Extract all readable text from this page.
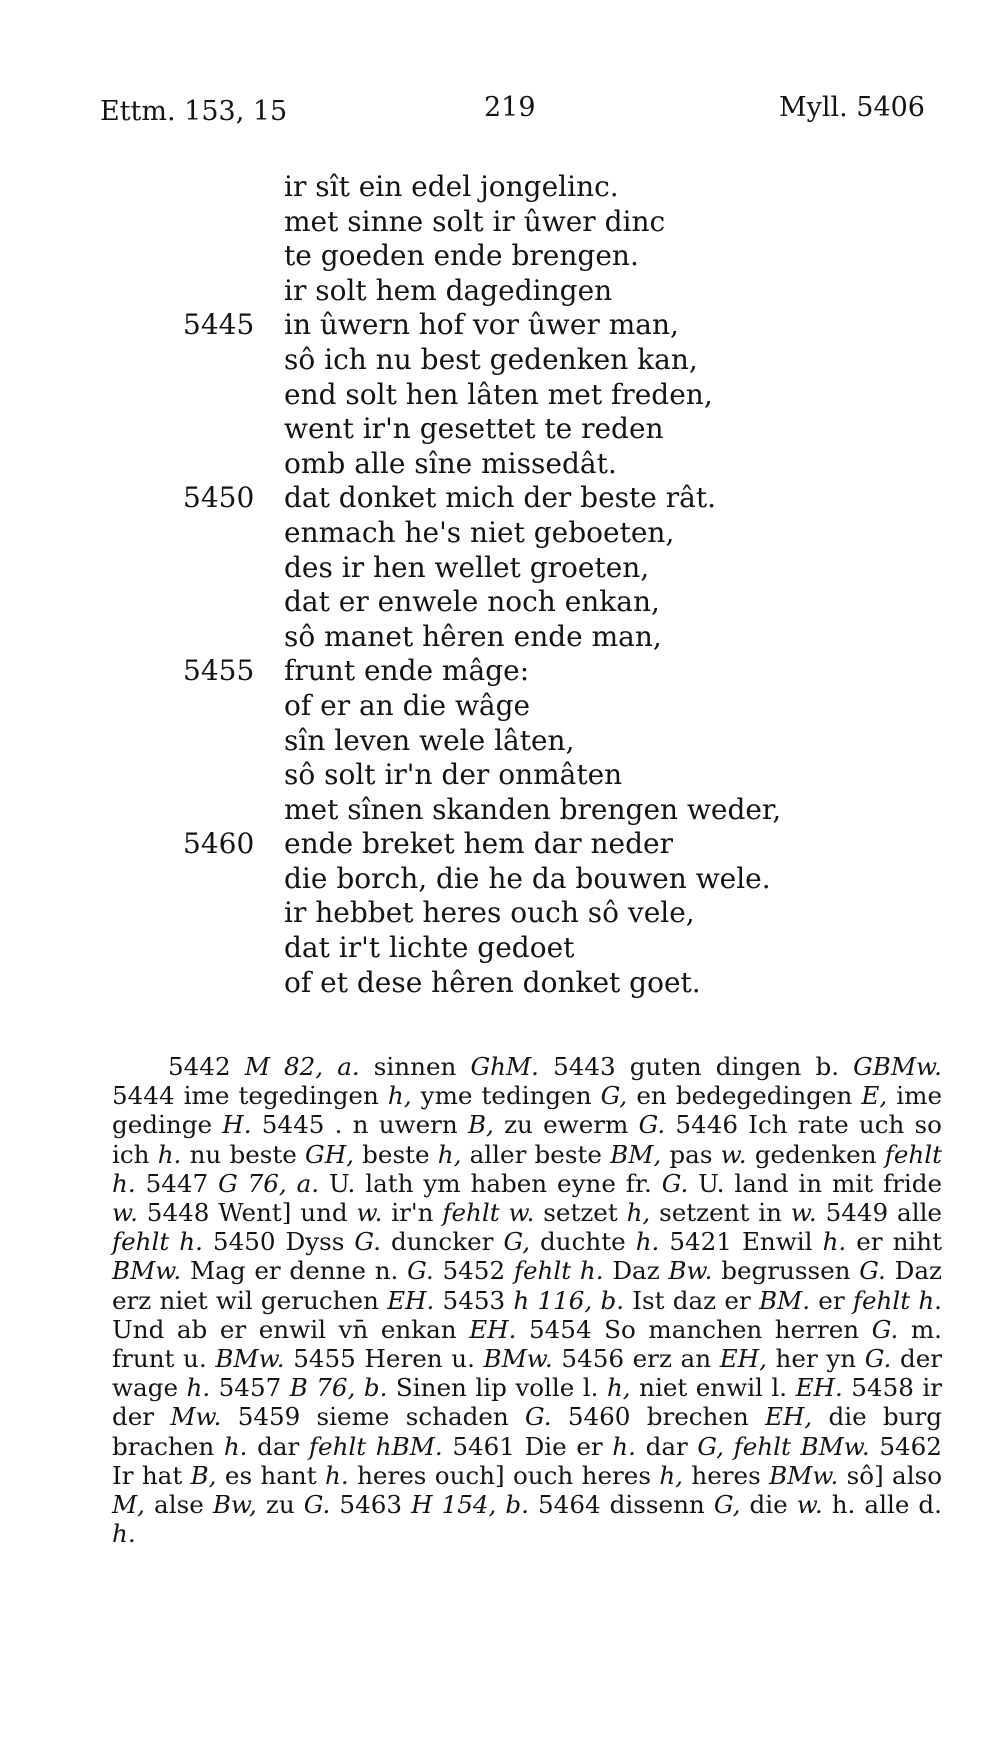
Ettm. 153, 15	219	Myll. 5406
ir sît ein edel jongelinc.
met sinne solt ir ûwer dinc
te goeden ende brengen.
ir solt hem dagedingen
5445 in ûwern hof vor ûwer man,
sô ich nu best gedenken kan,
end solt hen lâten met freden,
went ir'n gesettet te reden
omb alle sîne missedât.
5450 dat donket mich der beste rât.
enmach he's niet geboeten,
des ir hen wellet groeten,
dat er enwele noch enkan,
sô manet hêren ende man,
5455 frunt ende mâge:
of er an die wâge
sîn leven wele lâten,
sô solt ir'n der onmâten
met sînen skanden brengen weder,
5460 ende breket hem dar neder
die borch, die he da bouwen wele.
ir hebbet heres ouch sô vele,
dat ir't lichte gedoet
of et dese hêren donket goet.

5442 M 82, a. sinnen GhM. 5443 guten dingen b. GBMw. 5444 ime tegedingen h, yme tedingen G, en bedegedingen E, ime gedinge H. 5445 . n uwern B, zu ewerm G. 5446 Ich rate uch so ich h. nu beste GH, beste h, aller beste BM, pas w. gedenken fehlt h. 5447 G 76, a. U. lath ym haben eyne fr. G. U. land in mit fride w. 5448 Went] und w. ir'n fehlt w. setzet h, setzent in w. 5449 alle fehlt h. 5450 Dyss G. duncker G, duchte h. 5421 Enwil h. er niht BMw. Mag er denne n. G. 5452 fehlt h. Daz Bw. begrussen G. Daz erz niet wil geruchen EH. 5453 h 116, b. Ist daz er BM. er fehlt h. Und ab er enwil vn̄ enkan EH. 5454 So manchen herren G. m. frunt u. BMw. 5455 Heren u. BMw. 5456 erz an EH, her yn G. der wage h. 5457 B 76, b. Sinen lip volle l. h, niet enwil l. EH. 5458 ir der Mw. 5459 sieme schaden G. 5460 brechen EH, die burg brachen h. dar fehlt hBM. 5461 Die er h. dar G, fehlt BMw. 5462 Ir hat B, es hant h. heres ouch] ouch heres h, heres BMw. sô] also M, alse Bw, zu G. 5463 H 154, b. 5464 dissenn G, die w. h. alle d. h.
